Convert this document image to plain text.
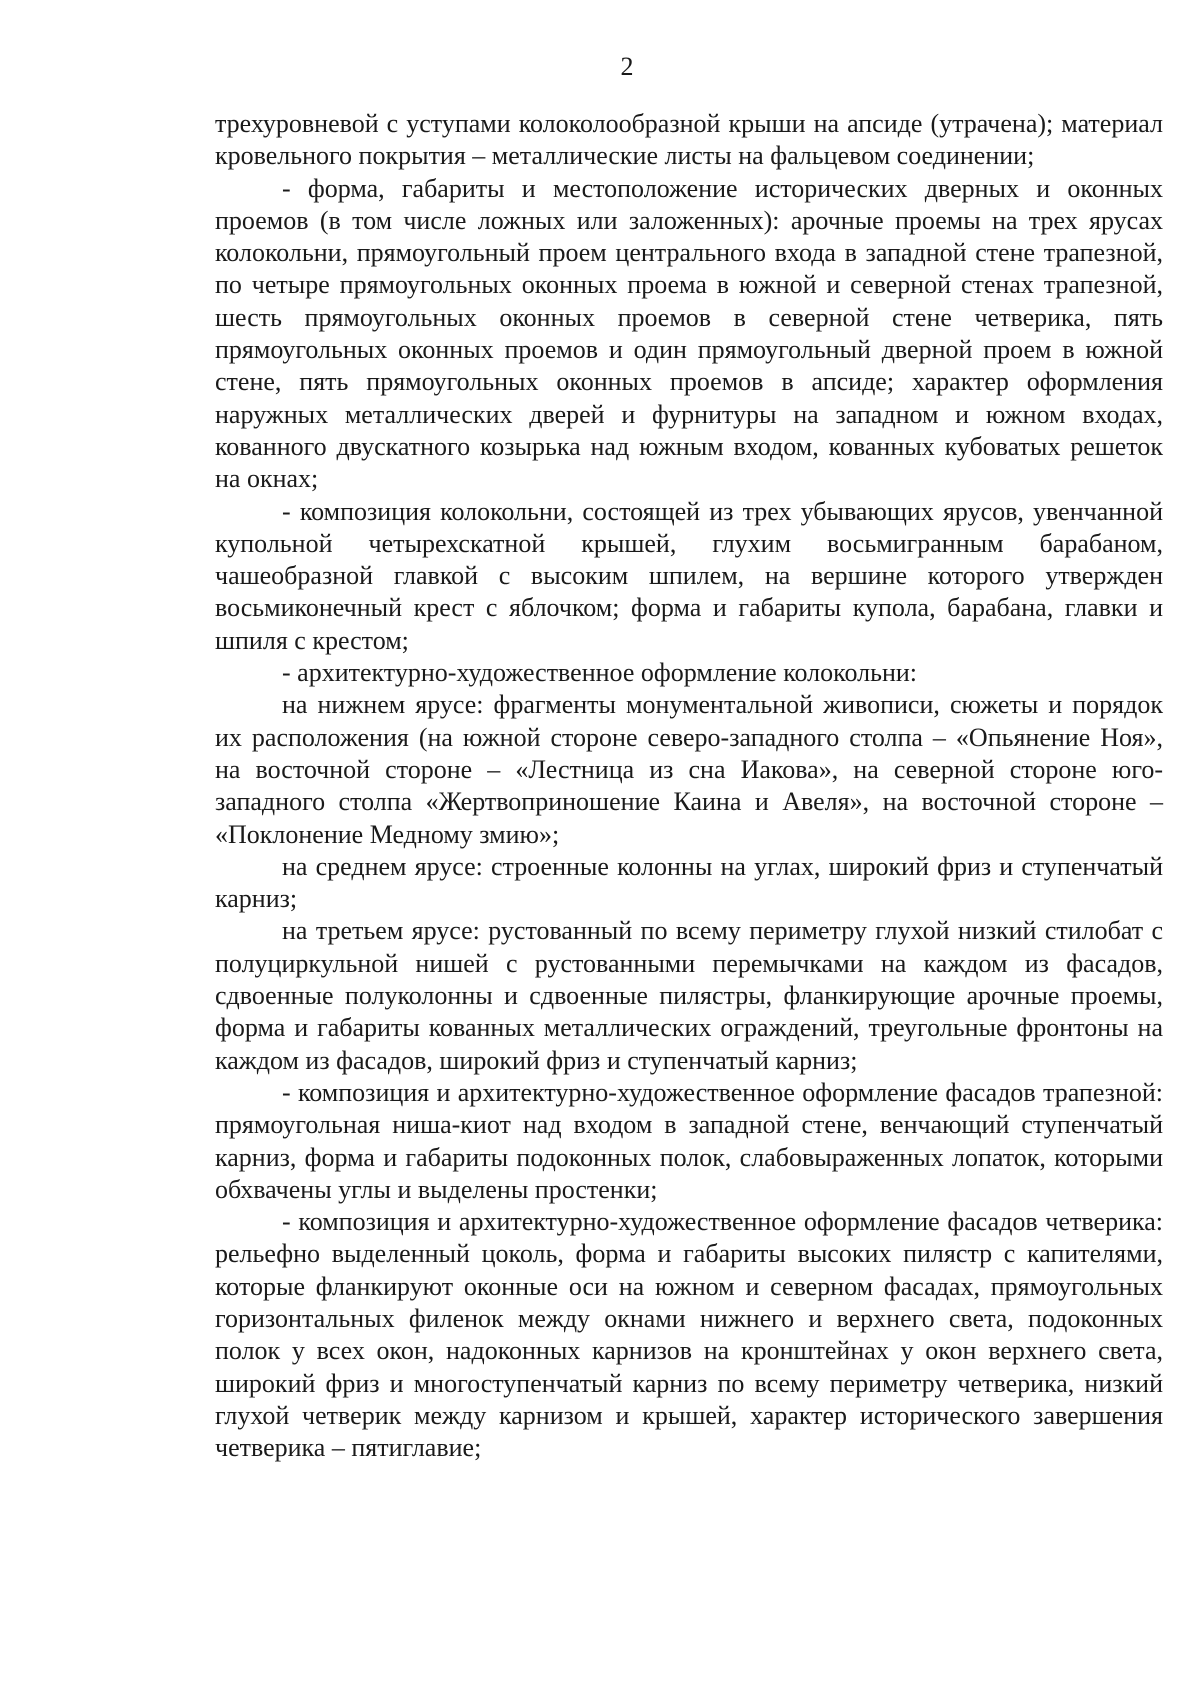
2

трехуровневой с уступами колоколообразной крыши на апсиде (утрачена); материал кровельного покрытия – металлические листы на фальцевом соединении;

- форма, габариты и местоположение исторических дверных и оконных проемов (в том числе ложных или заложенных): арочные проемы на трех ярусах колокольни, прямоугольный проем центрального входа в западной стене трапезной, по четыре прямоугольных оконных проема в южной и северной стенах трапезной, шесть прямоугольных оконных проемов в северной стене четверика, пять прямоугольных оконных проемов и один прямоугольный дверной проем в южной стене, пять прямоугольных оконных проемов в апсиде; характер оформления наружных металлических дверей и фурнитуры на западном и южном входах, кованного двускатного козырька над южным входом, кованных кубоватых решеток на окнах;

- композиция колокольни, состоящей из трех убывающих ярусов, увенчанной купольной четырехскатной крышей, глухим восьмигранным барабаном, чашеобразной главкой с высоким шпилем, на вершине которого утвержден восьмиконечный крест с яблочком; форма и габариты купола, барабана, главки и шпиля с крестом;

- архитектурно-художественное оформление колокольни:

на нижнем ярусе: фрагменты монументальной живописи, сюжеты и порядок их расположения (на южной стороне северо-западного столпа – «Опьянение Ноя», на восточной стороне – «Лестница из сна Иакова», на северной стороне юго-западного столпа «Жертвоприношение Каина и Авеля», на восточной стороне – «Поклонение Медному змию»;

на среднем ярусе: строенные колонны на углах, широкий фриз и ступенчатый карниз;

на третьем ярусе: рустованный по всему периметру глухой низкий стилобат с полуциркульной нишей с рустованными перемычками на каждом из фасадов, сдвоенные полуколонны и сдвоенные пилястры, фланкирующие арочные проемы, форма и габариты кованных металлических ограждений, треугольные фронтоны на каждом из фасадов, широкий фриз и ступенчатый карниз;

- композиция и архитектурно-художественное оформление фасадов трапезной: прямоугольная ниша-киот над входом в западной стене, венчающий ступенчатый карниз, форма и габариты подоконных полок, слабовыраженных лопаток, которыми обхвачены углы и выделены простенки;

- композиция и архитектурно-художественное оформление фасадов четверика: рельефно выделенный цоколь, форма и габариты высоких пилястр с капителями, которые фланкируют оконные оси на южном и северном фасадах, прямоугольных горизонтальных филенок между окнами нижнего и верхнего света, подоконных полок у всех окон, надоконных карнизов на кронштейнах у окон верхнего света, широкий фриз и многоступенчатый карниз по всему периметру четверика, низкий глухой четверик между карнизом и крышей, характер исторического завершения четверика – пятиглавие;
